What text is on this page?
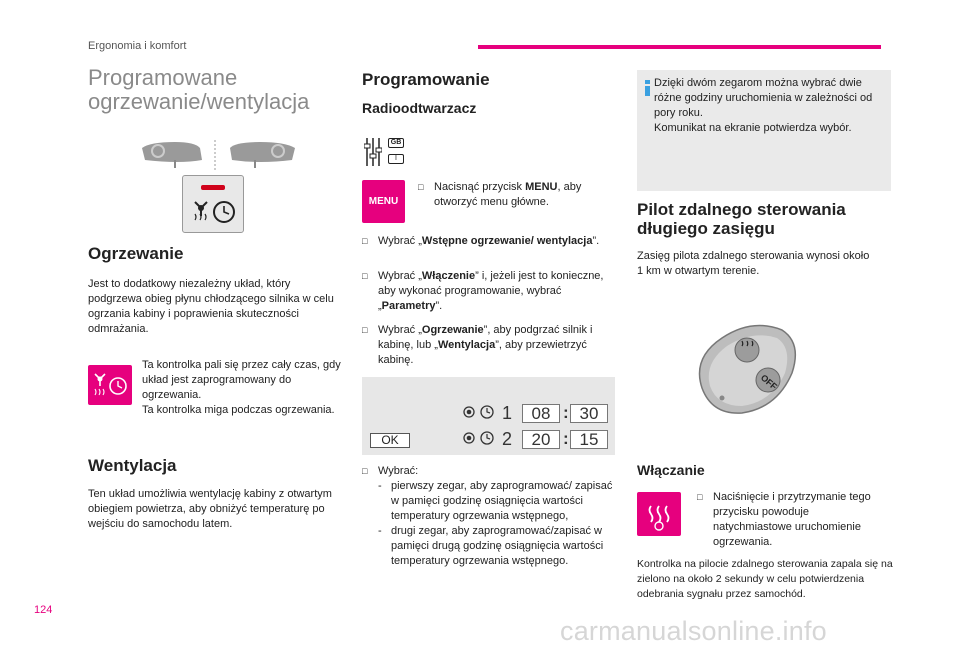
Ergonomia i komfort
Programowane ogrzewanie/wentylacja
Ogrzewanie
Jest to dodatkowy niezależny układ, który podgrzewa obieg płynu chłodzącego silnika w celu ogrzania kabiny i poprawienia skuteczności odmrażania.
Ta kontrolka pali się przez cały czas, gdy układ jest zaprogramowany do ogrzewania.
Ta kontrolka miga podczas ogrzewania.
Wentylacja
Ten układ umożliwia wentylację kabiny z otwartym obiegiem powietrza, aby obniżyć temperaturę po wejściu do samochodu latem.
Programowanie
Radioodtwarzacz
GB
I
MENU
□ Nacisnąć przycisk MENU, aby otworzyć menu główne.
□ Wybrać „Wstępne ogrzewanie/ wentylacja”.
□ Wybrać „Włączenie” i, jeżeli jest to konieczne, aby wykonać programowanie, wybrać „Parametry”.
□ Wybrać „Ogrzewanie”, aby podgrzać silnik i kabinę, lub „Wentylacja”, aby przewietrzyć kabinę.
1	08 : 30
2	20 : 15
OK
□ Wybrać:
- pierwszy zegar, aby zaprogramować/ zapisać w pamięci godzinę osiągnięcia wartości temperatury ogrzewania wstępnego,
- drugi zegar, aby zaprogramować/zapisać w pamięci drugą godzinę osiągnięcia wartości temperatury ogrzewania wstępnego.
Dzięki dwóm zegarom można wybrać dwie różne godziny uruchomienia w zależności od pory roku.
Komunikat na ekranie potwierdza wybór.
Pilot zdalnego sterowania długiego zasięgu
Zasięg pilota zdalnego sterowania wynosi około 1 km w otwartym terenie.
OFF
Włączanie
□ Naciśnięcie i przytrzymanie tego przycisku powoduje natychmiastowe uruchomienie ogrzewania.
Kontrolka na pilocie zdalnego sterowania zapala się na zielono na około 2 sekundy w celu potwierdzenia odebrania sygnału przez samochód.
124
carmanualsonline.info
